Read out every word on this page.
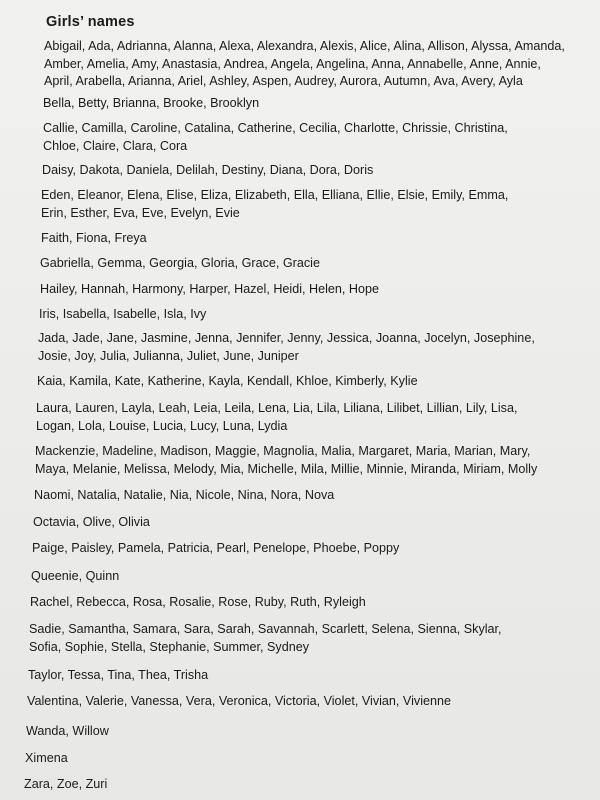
Girls’ names
Abigail, Ada, Adrianna, Alanna, Alexa, Alexandra, Alexis, Alice, Alina, Allison, Alyssa, Amanda,
Amber, Amelia, Amy, Anastasia, Andrea, Angela, Angelina, Anna, Annabelle, Anne, Annie,
April, Arabella, Arianna, Ariel, Ashley, Aspen, Audrey, Aurora, Autumn, Ava, Avery, Ayla
Bella, Betty, Brianna, Brooke, Brooklyn
Callie, Camilla, Caroline, Catalina, Catherine, Cecilia, Charlotte, Chrissie, Christina,
Chloe, Claire, Clara, Cora
Daisy, Dakota, Daniela, Delilah, Destiny, Diana, Dora, Doris
Eden, Eleanor, Elena, Elise, Eliza, Elizabeth, Ella, Elliana, Ellie, Elsie, Emily, Emma,
Erin, Esther, Eva, Eve, Evelyn, Evie
Faith, Fiona, Freya
Gabriella, Gemma, Georgia, Gloria, Grace, Gracie
Hailey, Hannah, Harmony, Harper, Hazel, Heidi, Helen, Hope
Iris, Isabella, Isabelle, Isla, Ivy
Jada, Jade, Jane, Jasmine, Jenna, Jennifer, Jenny, Jessica, Joanna, Jocelyn, Josephine,
Josie, Joy, Julia, Julianna, Juliet, June, Juniper
Kaia, Kamila, Kate, Katherine, Kayla, Kendall, Khloe, Kimberly, Kylie
Laura, Lauren, Layla, Leah, Leia, Leila, Lena, Lia, Lila, Liliana, Lilibet, Lillian, Lily, Lisa,
Logan, Lola, Louise, Lucia, Lucy, Luna, Lydia
Mackenzie, Madeline, Madison, Maggie, Magnolia, Malia, Margaret, Maria, Marian, Mary,
Maya, Melanie, Melissa, Melody, Mia, Michelle, Mila, Millie, Minnie, Miranda, Miriam, Molly
Naomi, Natalia, Natalie, Nia, Nicole, Nina, Nora, Nova
Octavia, Olive, Olivia
Paige, Paisley, Pamela, Patricia, Pearl, Penelope, Phoebe, Poppy
Queenie, Quinn
Rachel, Rebecca, Rosa, Rosalie, Rose, Ruby, Ruth, Ryleigh
Sadie, Samantha, Samara, Sara, Sarah, Savannah, Scarlett, Selena, Sienna, Skylar,
Sofia, Sophie, Stella, Stephanie, Summer, Sydney
Taylor, Tessa, Tina, Thea, Trisha
Valentina, Valerie, Vanessa, Vera, Veronica, Victoria, Violet, Vivian, Vivienne
Wanda, Willow
Ximena
Zara, Zoe, Zuri
